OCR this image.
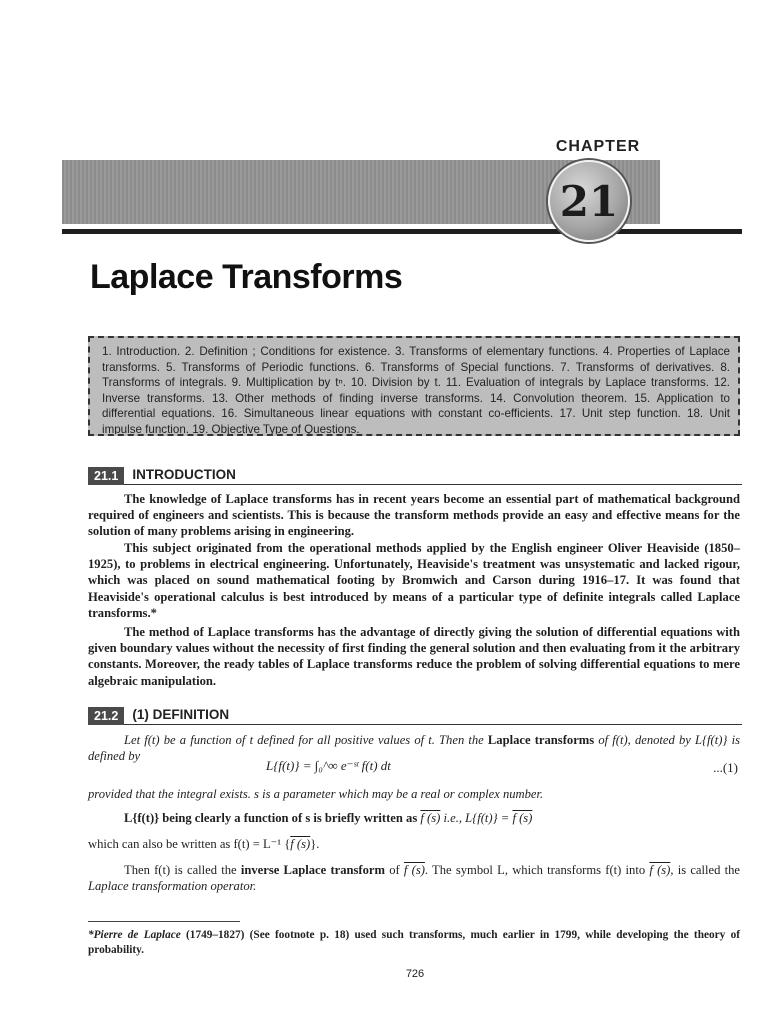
CHAPTER
21
Laplace Transforms
1. Introduction. 2. Definition ; Conditions for existence. 3. Transforms of elementary functions. 4. Properties of Laplace transforms. 5. Transforms of Periodic functions. 6. Transforms of Special functions. 7. Transforms of derivatives. 8. Transforms of integrals. 9. Multiplication by tⁿ. 10. Division by t. 11. Evaluation of integrals by Laplace transforms. 12. Inverse transforms. 13. Other methods of finding inverse transforms. 14. Convolution theorem. 15. Application to differential equations. 16. Simultaneous linear equations with constant co-efficients. 17. Unit step function. 18. Unit impulse function. 19. Objective Type of Questions.
21.1	INTRODUCTION

The knowledge of Laplace transforms has in recent years become an essential part of mathematical background required of engineers and scientists. This is because the transform methods provide an easy and effective means for the solution of many problems arising in engineering.

This subject originated from the operational methods applied by the English engineer Oliver Heaviside (1850–1925), to problems in electrical engineering. Unfortunately, Heaviside's treatment was unsystematic and lacked rigour, which was placed on sound mathematical footing by Bromwich and Carson during 1916–17. It was found that Heaviside's operational calculus is best introduced by means of a particular type of definite integrals called Laplace transforms.*

The method of Laplace transforms has the advantage of directly giving the solution of differential equations with given boundary values without the necessity of first finding the general solution and then evaluating from it the arbitrary constants. Moreover, the ready tables of Laplace transforms reduce the problem of solving differential equations to mere algebraic manipulation.

21.2	(1) DEFINITION

Let f(t) be a function of t defined for all positive values of t. Then the Laplace transforms of f(t), denoted by L{f(t)} is defined by

L{f(t)} = ∫₀^∞ e⁻ˢᵗ f(t) dt	...(1)

provided that the integral exists. s is a parameter which may be a real or complex number.

L{f(t)} being clearly a function of s is briefly written as f (s) i.e., L{f(t)} = f (s)

which can also be written as f(t) = L⁻¹ {f (s)}.

Then f(t) is called the inverse Laplace transform of f (s). The symbol L, which transforms f(t) into f (s), is called the Laplace transformation operator.

*Pierre de Laplace (1749–1827) (See footnote p. 18) used such transforms, much earlier in 1799, while developing the theory of probability.

726
